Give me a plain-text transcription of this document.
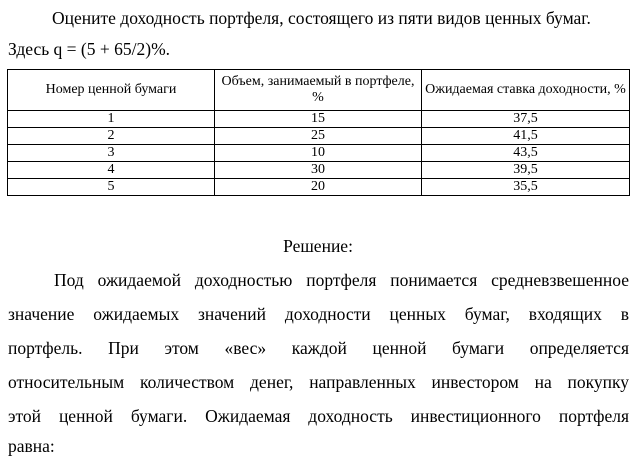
Оцените доходность портфеля, состоящего из пяти видов ценных бумаг.
Здесь q = (5 + 65/2)%.
Номер ценной бумаги	Объем, занимаемый в портфеле, %	Ожидаемая ставка доходности, %
1	15	37,5
2	25	41,5
3	10	43,5
4	30	39,5
5	20	35,5
Решение:
Под ожидаемой доходностью портфеля понимается средневзвешенное
значение ожидаемых значений доходности ценных бумаг, входящих в
портфель. При этом «вес» каждой ценной бумаги определяется
относительным количеством денег, направленных инвестором на покупку
этой ценной бумаги. Ожидаемая доходность инвестиционного портфеля
равна:
